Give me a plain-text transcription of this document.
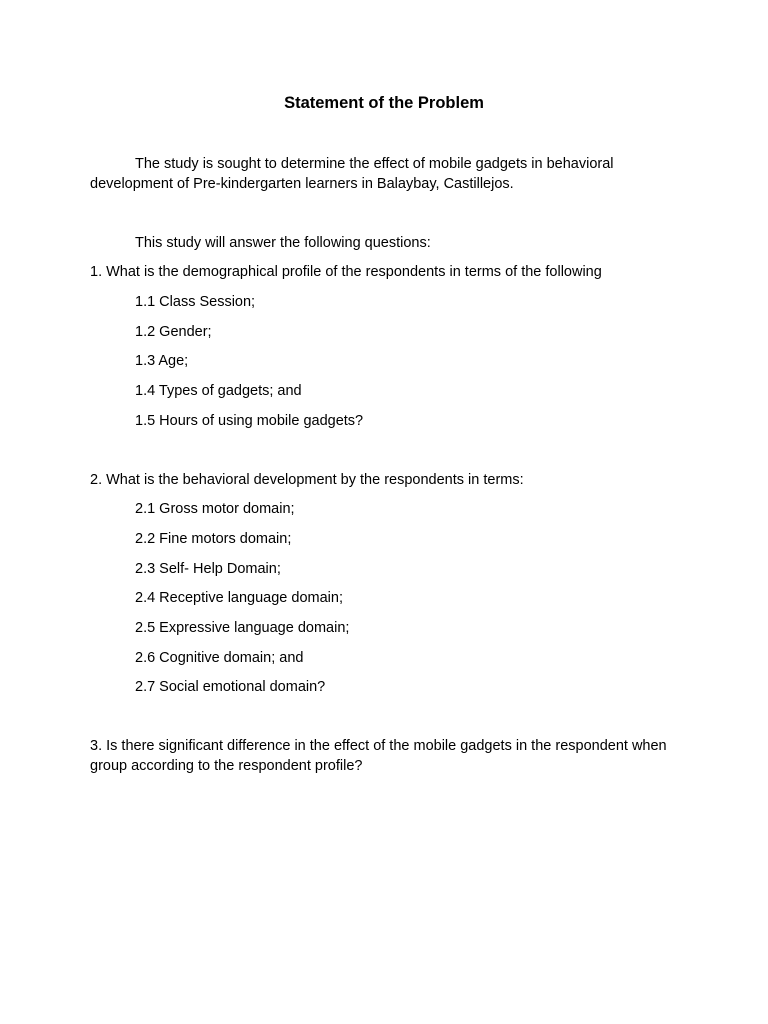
Statement of the Problem
The study is sought to determine the effect of mobile gadgets in behavioral development of Pre-kindergarten learners in Balaybay, Castillejos.
This study will answer the following questions:
1. What is the demographical profile of the respondents in terms of the following
1.1 Class Session;
1.2 Gender;
1.3 Age;
1.4 Types of gadgets; and
1.5 Hours of using mobile gadgets?
2. What is the behavioral development by the respondents in terms:
2.1 Gross motor domain;
2.2 Fine motors domain;
2.3 Self- Help Domain;
2.4 Receptive language domain;
2.5 Expressive language domain;
2.6 Cognitive domain; and
2.7 Social emotional domain?
3. Is there significant difference in the effect of the mobile gadgets in the respondent when group according to the respondent profile?
